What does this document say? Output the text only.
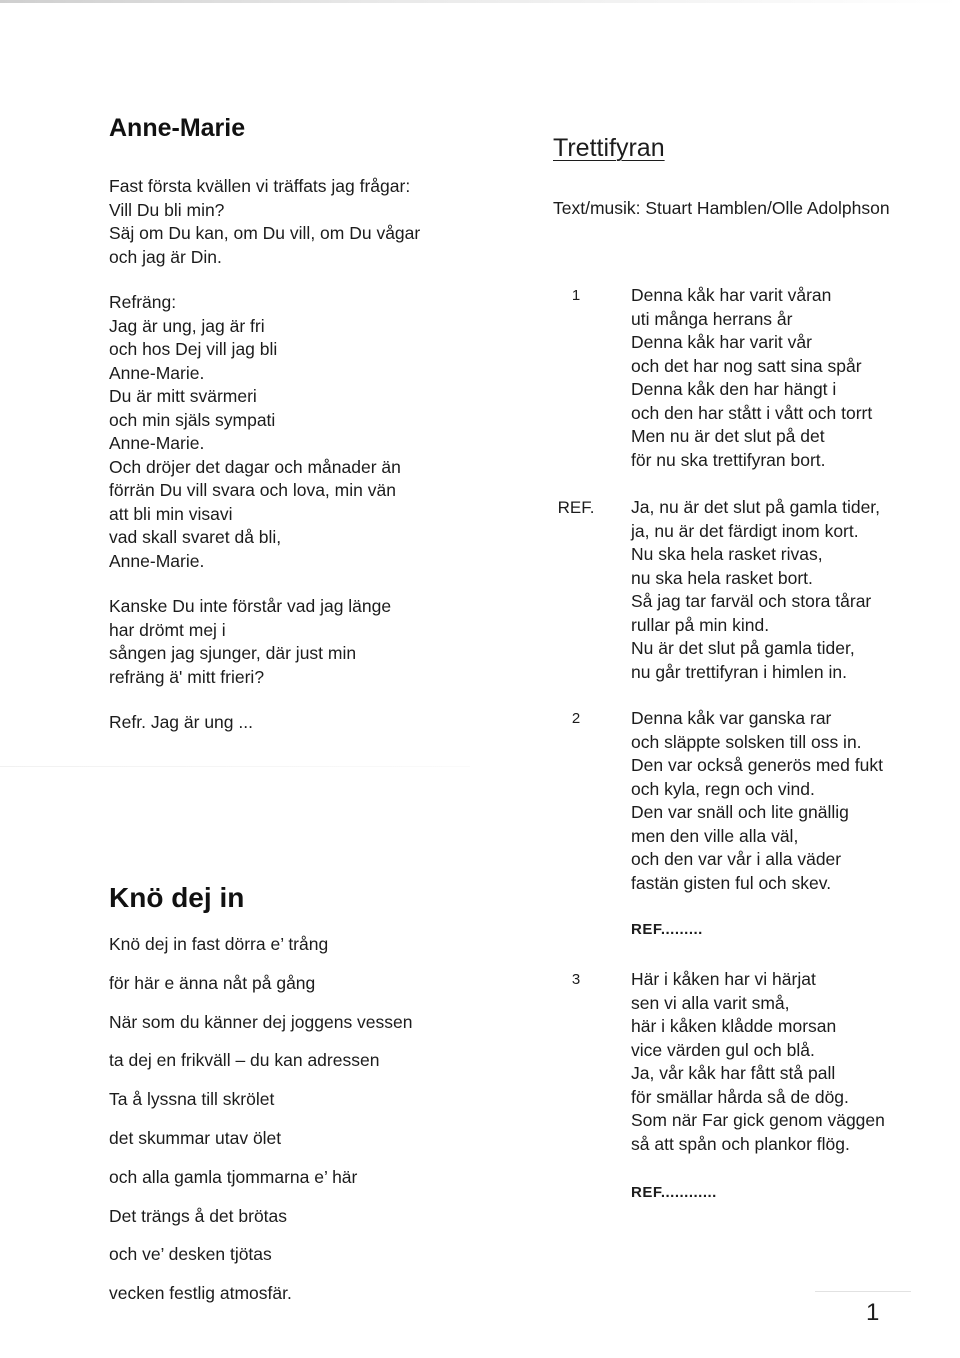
Anne-Marie
Fast första kvällen vi träffats jag frågar:
Vill Du bli min?
Säj om Du kan, om Du vill, om Du vågar
och jag är Din.
Refräng:
Jag är ung, jag är fri
och hos Dej vill jag bli
Anne-Marie.
Du är mitt svärmeri
och min själs sympati
Anne-Marie.
Och dröjer det dagar och månader än
förrän Du vill svara och lova, min vän
att bli min visavi
vad skall svaret då bli,
Anne-Marie.
Kanske Du inte förstår vad jag länge
har drömt mej i
sången jag sjunger, där just min
refräng ä' mitt frieri?
Refr. Jag är ung ...
Knö dej in
Knö dej in fast dörra e’ trång
för här e änna nåt på gång
När som du känner dej joggens vessen
ta dej en frikväll – du kan adressen
Ta å lyssna till skrölet
det skummar utav ölet
och alla gamla tjommarna e’ här
Det trängs å det brötas
och ve’ desken tjötas
vecken festlig atmosfär.
Trettifyran
Text/musik: Stuart Hamblen/Olle Adolphson
1	Denna kåk har varit våran
uti många herrans år
Denna kåk har varit vår
och det har nog satt sina spår
Denna kåk den har hängt i
och den har stått i vått och torrt
Men nu är det slut på det
för nu ska trettifyran bort.
REF.	Ja, nu är det slut på gamla tider,
ja, nu är det färdigt inom kort.
Nu ska hela rasket rivas,
nu ska hela rasket bort.
Så jag tar farväl och stora tårar
rullar på min kind.
Nu är det slut på gamla tider,
nu går trettifyran i himlen in.
2	Denna kåk var ganska rar
och släppte solsken till oss in.
Den var också generös med fukt
och kyla, regn och vind.
Den var snäll och lite gnällig
men den ville alla väl,
och den var vår i alla väder
fastän gisten ful och skev.
REF.........
3	Här i kåken har vi härjat
sen vi alla varit små,
här i kåken klådde morsan
vice värden gul och blå.
Ja, vår kåk har fått stå pall
för smällar hårda så de dög.
Som när Far gick genom väggen
så att spån och plankor flög.
REF............
1
